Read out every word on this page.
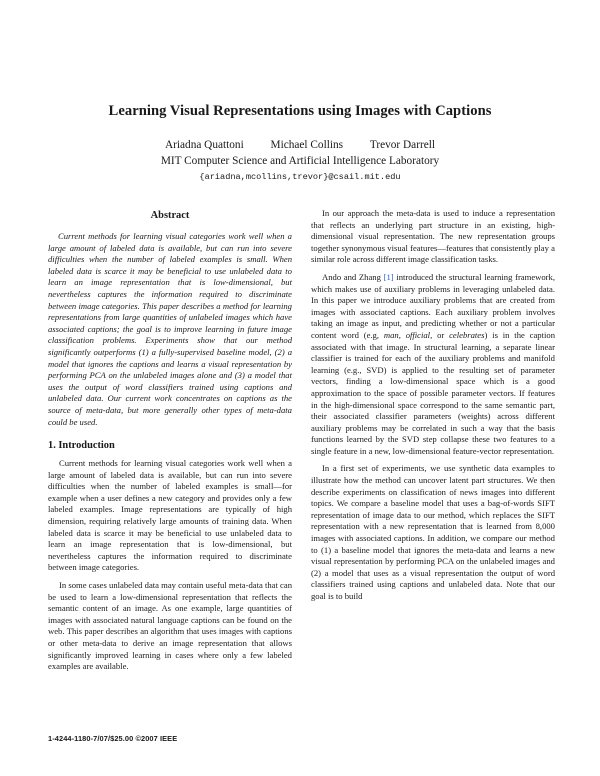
Learning Visual Representations using Images with Captions
Ariadna Quattoni Michael Collins Trevor Darrell
MIT Computer Science and Artificial Intelligence Laboratory
{ariadna,mcollins,trevor}@csail.mit.edu
Abstract

Current methods for learning visual categories work well when a large amount of labeled data is available, but can run into severe difficulties when the number of labeled examples is small. When labeled data is scarce it may be beneficial to use unlabeled data to learn an image representation that is low-dimensional, but nevertheless captures the information required to discriminate between image categories. This paper describes a method for learning representations from large quantities of unlabeled images which have associated captions; the goal is to improve learning in future image classification problems. Experiments show that our method significantly outperforms (1) a fully-supervised baseline model, (2) a model that ignores the captions and learns a visual representation by performing PCA on the unlabeled images alone and (3) a model that uses the output of word classifiers trained using captions and unlabeled data. Our current work concentrates on captions as the source of meta-data, but more generally other types of meta-data could be used.

1. Introduction

Current methods for learning visual categories work well when a large amount of labeled data is available, but can run into severe difficulties when the number of labeled examples is small—for example when a user defines a new category and provides only a few labeled examples. Image representations are typically of high dimension, requiring relatively large amounts of training data. When labeled data is scarce it may be beneficial to use unlabeled data to learn an image representation that is low-dimensional, but nevertheless captures the information required to discriminate between image categories.

In some cases unlabeled data may contain useful meta-data that can be used to learn a low-dimensional representation that reflects the semantic content of an image. As one example, large quantities of images with associated natural language captions can be found on the web. This paper describes an algorithm that uses images with captions or other meta-data to derive an image representation that allows significantly improved learning in cases where only a few labeled examples are available.

In our approach the meta-data is used to induce a representation that reflects an underlying part structure in an existing, high-dimensional visual representation. The new representation groups together synonymous visual features—features that consistently play a similar role across different image classification tasks.

Ando and Zhang [1] introduced the structural learning framework, which makes use of auxiliary problems in leveraging unlabeled data. In this paper we introduce auxiliary problems that are created from images with associated captions. Each auxiliary problem involves taking an image as input, and predicting whether or not a particular content word (e.g, man, official, or celebrates) is in the caption associated with that image. In structural learning, a separate linear classifier is trained for each of the auxiliary problems and manifold learning (e.g., SVD) is applied to the resulting set of parameter vectors, finding a low-dimensional space which is a good approximation to the space of possible parameter vectors. If features in the high-dimensional space correspond to the same semantic part, their associated classifier parameters (weights) across different auxiliary problems may be correlated in such a way that the basis functions learned by the SVD step collapse these two features to a single feature in a new, low-dimensional feature-vector representation.

In a first set of experiments, we use synthetic data examples to illustrate how the method can uncover latent part structures. We then describe experiments on classification of news images into different topics. We compare a baseline model that uses a bag-of-words SIFT representation of image data to our method, which replaces the SIFT representation with a new representation that is learned from 8,000 images with associated captions. In addition, we compare our method to (1) a baseline model that ignores the meta-data and learns a new visual representation by performing PCA on the unlabeled images and (2) a model that uses as a visual representation the output of word classifiers trained using captions and unlabeled data. Note that our goal is to build

1-4244-1180-7/07/$25.00 ©2007 IEEE
